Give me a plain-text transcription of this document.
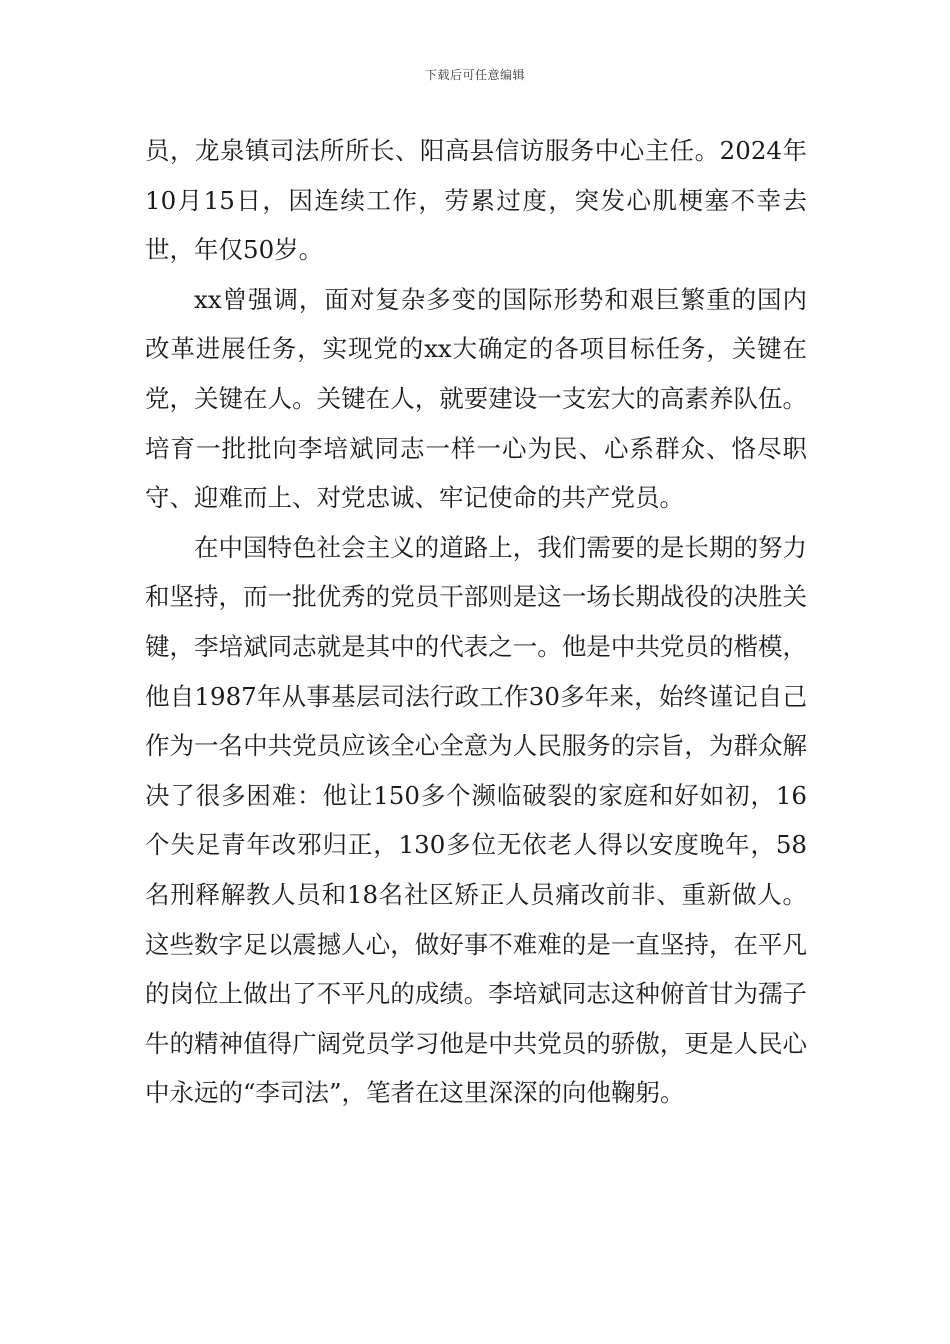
下载后可任意编辑

员，龙泉镇司法所所长、阳高县信访服务中心主任。2024年10月15日，因连续工作，劳累过度，突发心肌梗塞不幸去世，年仅50岁。

xx曾强调，面对复杂多变的国际形势和艰巨繁重的国内改革进展任务，实现党的xx大确定的各项目标任务，关键在党，关键在人。关键在人，就要建设一支宏大的高素养队伍。培育一批批向李培斌同志一样一心为民、心系群众、恪尽职守、迎难而上、对党忠诚、牢记使命的共产党员。

在中国特色社会主义的道路上，我们需要的是长期的努力和坚持，而一批优秀的党员干部则是这一场长期战役的决胜关键，李培斌同志就是其中的代表之一。他是中共党员的楷模，他自1987年从事基层司法行政工作30多年来，始终谨记自己作为一名中共党员应该全心全意为人民服务的宗旨，为群众解决了很多困难：他让150多个濒临破裂的家庭和好如初，16个失足青年改邪归正，130多位无依老人得以安度晚年，58名刑释解教人员和18名社区矫正人员痛改前非、重新做人。这些数字足以震撼人心，做好事不难难的是一直坚持，在平凡的岗位上做出了不平凡的成绩。李培斌同志这种俯首甘为孺子牛的精神值得广阔党员学习他是中共党员的骄傲，更是人民心中永远的“李司法”，笔者在这里深深的向他鞠躬。
